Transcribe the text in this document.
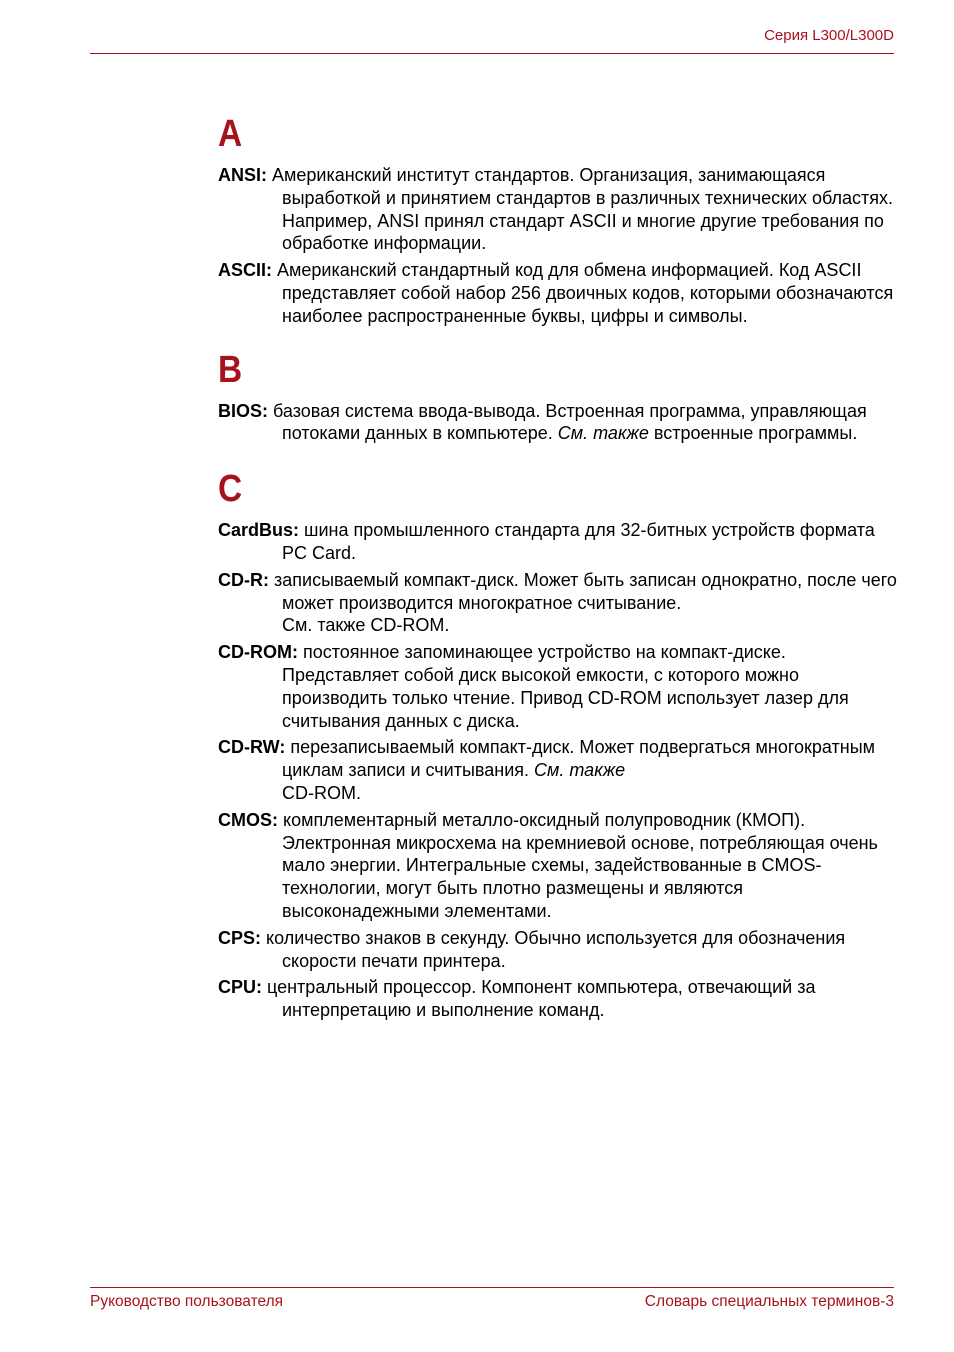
Серия L300/L300D
A

ANSI: Американский институт стандартов. Организация, занимающаяся выработкой и принятием стандартов в различных технических областях. Например, ANSI принял стандарт ASCII и многие другие требования по обработке информации.

ASCII: Американский стандартный код для обмена информацией. Код ASCII представляет собой набор 256 двоичных кодов, которыми обозначаются наиболее распространенные буквы, цифры и символы.

B

BIOS: базовая система ввода-вывода. Встроенная программа, управляющая потоками данных в компьютере. См. также встроенные программы.

C

CardBus: шина промышленного стандарта для 32-битных устройств формата PC Card.

CD-R: записываемый компакт-диск. Может быть записан однократно, после чего может производится многократное считывание.
См. также CD-ROM.

CD-ROM: постоянное запоминающее устройство на компакт-диске. Представляет собой диск высокой емкости, с которого можно производить только чтение. Привод CD-ROM использует лазер для считывания данных с диска.

CD-RW: перезаписываемый компакт-диск. Может подвергаться многократным циклам записи и считывания. См. также
CD-ROM.

CMOS: комплементарный металло-оксидный полупроводник (КМОП). Электронная микросхема на кремниевой основе, потребляющая очень мало энергии. Интегральные схемы, задействованные в CMOS-технологии, могут быть плотно размещены и являются высоконадежными элементами.

CPS: количество знаков в секунду. Обычно используется для обозначения скорости печати принтера.

CPU: центральный процессор. Компонент компьютера, отвечающий за интерпретацию и выполнение команд.

Руководство пользователя	Словарь специальных терминов-3
